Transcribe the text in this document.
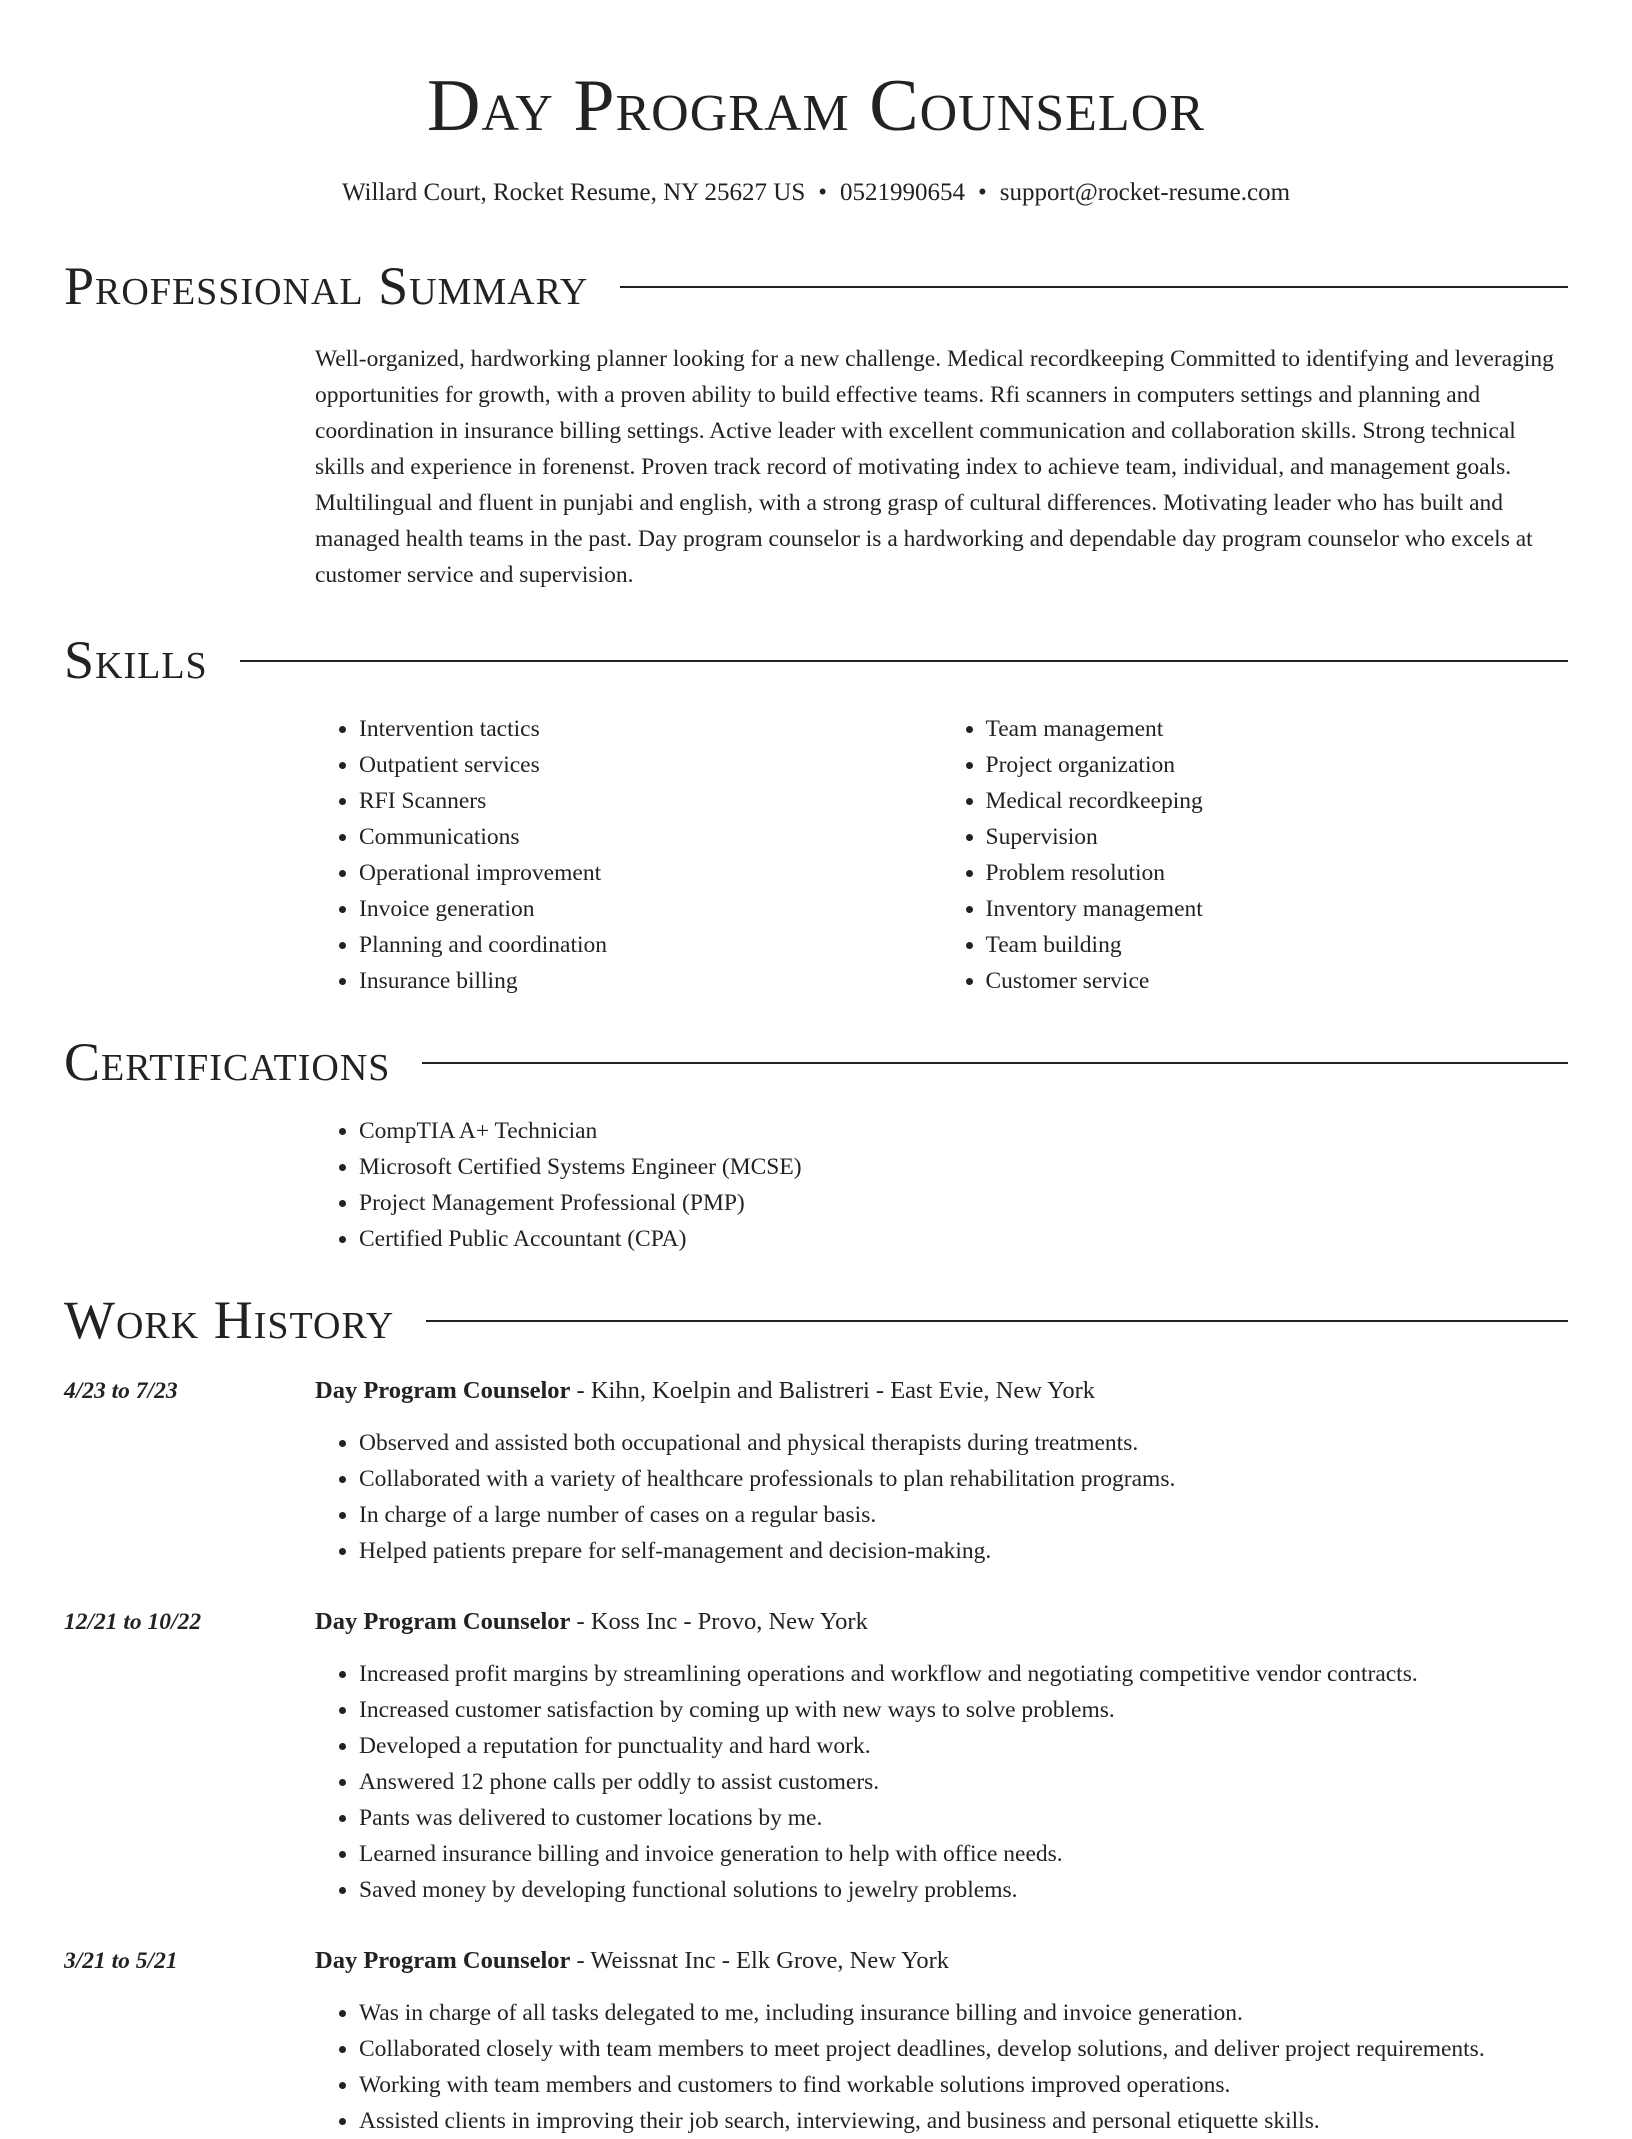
Day Program Counselor
Willard Court, Rocket Resume, NY 25627 US • 0521990654 • support@rocket-resume.com
Professional Summary
Well-organized, hardworking planner looking for a new challenge. Medical recordkeeping Committed to identifying and leveraging opportunities for growth, with a proven ability to build effective teams. Rfi scanners in computers settings and planning and coordination in insurance billing settings. Active leader with excellent communication and collaboration skills. Strong technical skills and experience in forenenst. Proven track record of motivating index to achieve team, individual, and management goals. Multilingual and fluent in punjabi and english, with a strong grasp of cultural differences. Motivating leader who has built and managed health teams in the past. Day program counselor is a hardworking and dependable day program counselor who excels at customer service and supervision.
Skills
• Intervention tactics
• Outpatient services
• RFI Scanners
• Communications
• Operational improvement
• Invoice generation
• Planning and coordination
• Insurance billing
• Team management
• Project organization
• Medical recordkeeping
• Supervision
• Problem resolution
• Inventory management
• Team building
• Customer service
Certifications
• CompTIA A+ Technician
• Microsoft Certified Systems Engineer (MCSE)
• Project Management Professional (PMP)
• Certified Public Accountant (CPA)
Work History
4/23 to 7/23	Day Program Counselor - Kihn, Koelpin and Balistreri - East Evie, New York
• Observed and assisted both occupational and physical therapists during treatments.
• Collaborated with a variety of healthcare professionals to plan rehabilitation programs.
• In charge of a large number of cases on a regular basis.
• Helped patients prepare for self-management and decision-making.
12/21 to 10/22	Day Program Counselor - Koss Inc - Provo, New York
• Increased profit margins by streamlining operations and workflow and negotiating competitive vendor contracts.
• Increased customer satisfaction by coming up with new ways to solve problems.
• Developed a reputation for punctuality and hard work.
• Answered 12 phone calls per oddly to assist customers.
• Pants was delivered to customer locations by me.
• Learned insurance billing and invoice generation to help with office needs.
• Saved money by developing functional solutions to jewelry problems.
3/21 to 5/21	Day Program Counselor - Weissnat Inc - Elk Grove, New York
• Was in charge of all tasks delegated to me, including insurance billing and invoice generation.
• Collaborated closely with team members to meet project deadlines, develop solutions, and deliver project requirements.
• Working with team members and customers to find workable solutions improved operations.
• Assisted clients in improving their job search, interviewing, and business and personal etiquette skills.
